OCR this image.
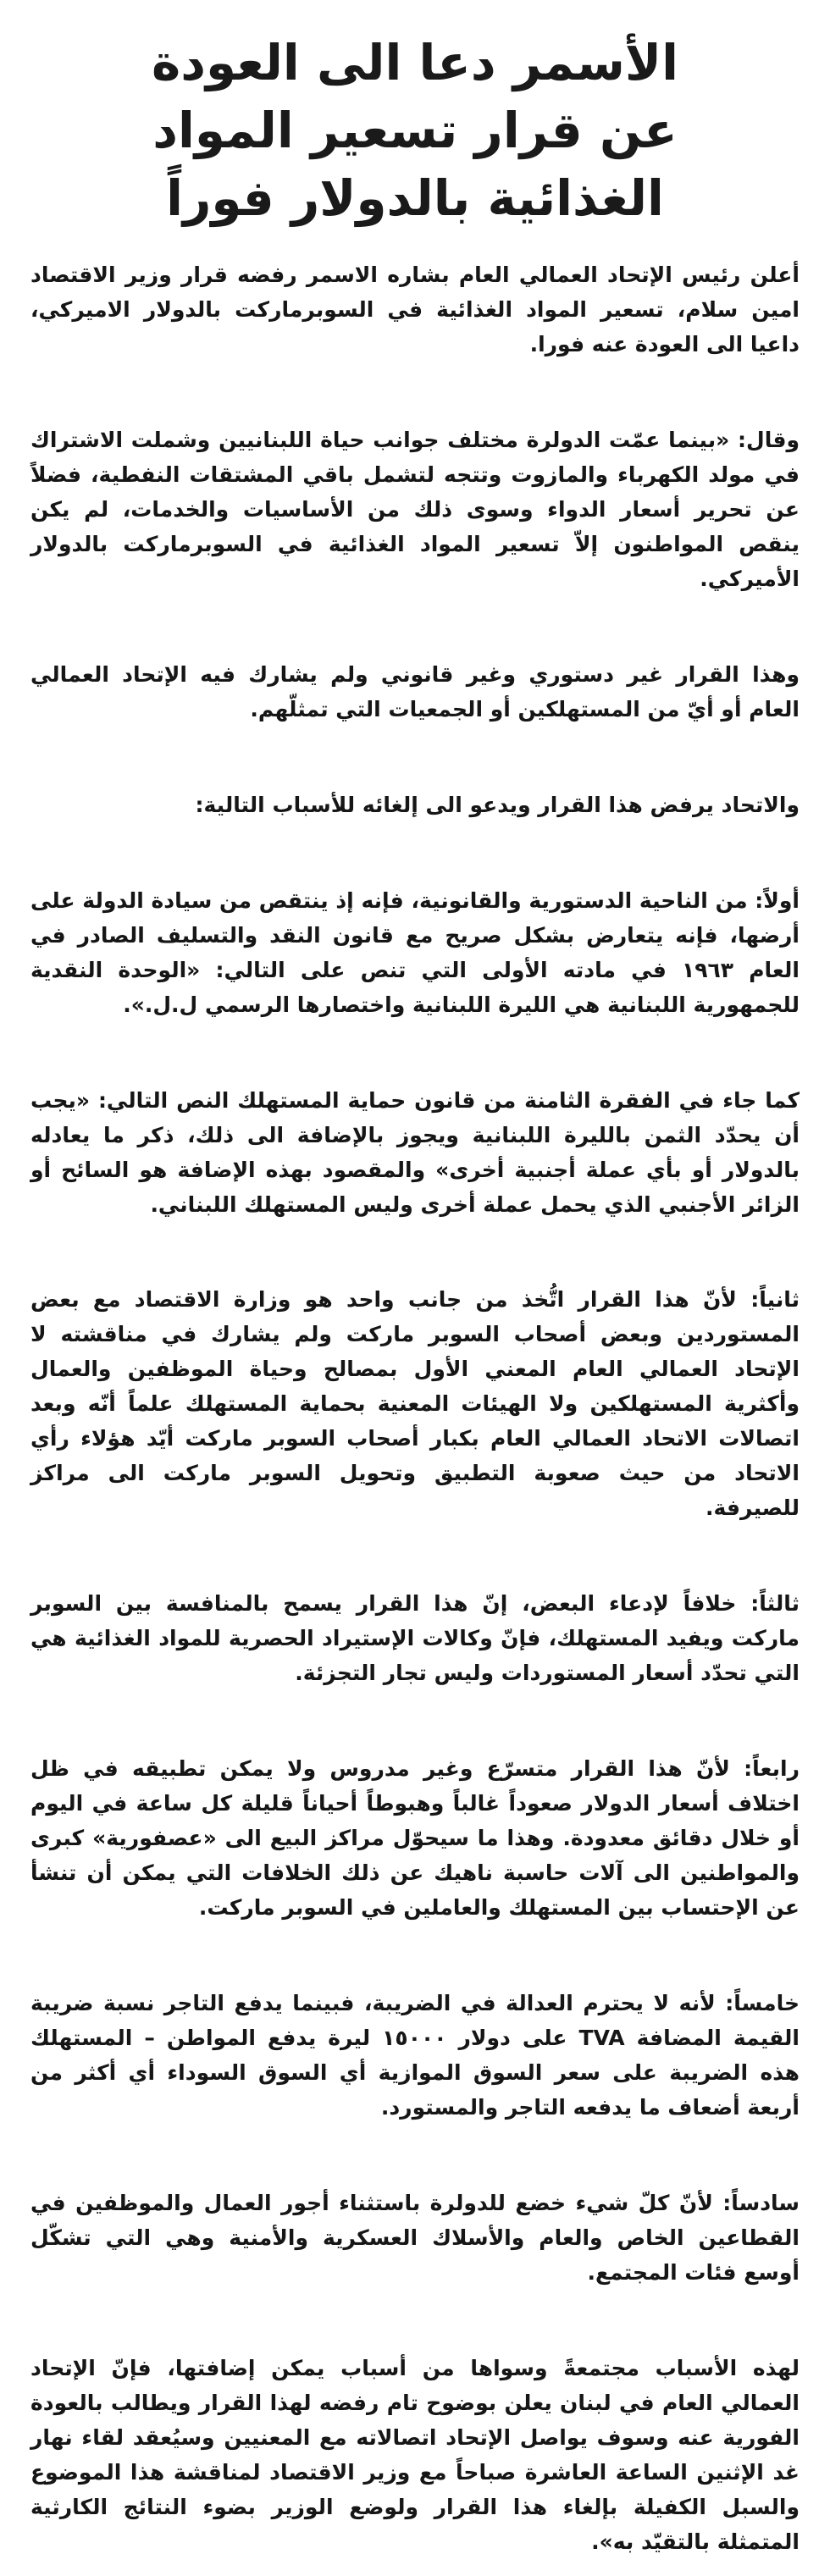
الأسمر دعا الى العودة
عن قرار تسعير المواد
الغذائية بالدولار فوراً

أعلن رئيس الإتحاد العمالي العام بشاره الاسمر رفضه قرار وزير الاقتصاد امين سلام، تسعير المواد الغذائية في السوبرماركت بالدولار الاميركي، داعيا الى العودة عنه فورا.

وقال: «بينما عمّت الدولرة مختلف جوانب حياة اللبنانيين وشملت الاشتراك في مولد الكهرباء والمازوت وتتجه لتشمل باقي المشتقات النفطية، فضلاً عن تحرير أسعار الدواء وسوى ذلك من الأساسيات والخدمات، لم يكن ينقص المواطنون إلاّ تسعير المواد الغذائية في السوبرماركت بالدولار الأميركي.

وهذا القرار غير دستوري وغير قانوني ولم يشارك فيه الإتحاد العمالي العام أو أيّ من المستهلكين أو الجمعيات التي تمثلّهم.

والاتحاد يرفض هذا القرار ويدعو الى إلغائه للأسباب التالية:

أولاً: من الناحية الدستورية والقانونية، فإنه إذ ينتقص من سيادة الدولة على أرضها، فإنه يتعارض بشكل صريح مع قانون النقد والتسليف الصادر في العام ١٩٦٣ في مادته الأولى التي تنص على التالي: «الوحدة النقدية للجمهورية اللبنانية هي الليرة اللبنانية واختصارها الرسمي ل.ل.».

كما جاء في الفقرة الثامنة من قانون حماية المستهلك النص التالي: «يجب أن يحدّد الثمن بالليرة اللبنانية ويجوز بالإضافة الى ذلك، ذكر ما يعادله بالدولار أو بأي عملة أجنبية أخرى» والمقصود بهذه الإضافة هو السائح أو الزائر الأجنبي الذي يحمل عملة أخرى وليس المستهلك اللبناني.

ثانياً: لأنّ هذا القرار اتُّخذ من جانب واحد هو وزارة الاقتصاد مع بعض المستوردين وبعض أصحاب السوبر ماركت ولم يشارك في مناقشته لا الإتحاد العمالي العام المعني الأول بمصالح وحياة الموظفين والعمال وأكثرية المستهلكين ولا الهيئات المعنية بحماية المستهلك علماً أنّه وبعد اتصالات الاتحاد العمالي العام بكبار أصحاب السوبر ماركت أيّد هؤلاء رأي الاتحاد من حيث صعوبة التطبيق وتحويل السوبر ماركت الى مراكز للصيرفة.

ثالثاً: خلافاً لإدعاء البعض، إنّ هذا القرار يسمح بالمنافسة بين السوبر ماركت ويفيد المستهلك، فإنّ وكالات الإستيراد الحصرية للمواد الغذائية هي التي تحدّد أسعار المستوردات وليس تجار التجزئة.

رابعاً: لأنّ هذا القرار متسرّع وغير مدروس ولا يمكن تطبيقه في ظل اختلاف أسعار الدولار صعوداً غالباً وهبوطاً أحياناً قليلة كل ساعة في اليوم أو خلال دقائق معدودة. وهذا ما سيحوّل مراكز البيع الى «عصفورية» كبرى والمواطنين الى آلات حاسبة ناهيك عن ذلك الخلافات التي يمكن أن تنشأ عن الإحتساب بين المستهلك والعاملين في السوبر ماركت.

خامساً: لأنه لا يحترم العدالة في الضريبة، فبينما يدفع التاجر نسبة ضريبة القيمة المضافة TVA على دولار ١٥٠٠٠ ليرة يدفع المواطن – المستهلك هذه الضريبة على سعر السوق الموازية أي السوق السوداء أي أكثر من أربعة أضعاف ما يدفعه التاجر والمستورد.

سادساً: لأنّ كلّ شيء خضع للدولرة باستثناء أجور العمال والموظفين في القطاعين الخاص والعام والأسلاك العسكرية والأمنية وهي التي تشكّل أوسع فئات المجتمع.

لهذه الأسباب مجتمعةً وسواها من أسباب يمكن إضافتها، فإنّ الإتحاد العمالي العام في لبنان يعلن بوضوح تام رفضه لهذا القرار ويطالب بالعودة الفورية عنه وسوف يواصل الإتحاد اتصالاته مع المعنيين وسيُعقد لقاء نهار غد الإثنين الساعة العاشرة صباحاً مع وزير الاقتصاد لمناقشة هذا الموضوع والسبل الكفيلة بإلغاء هذا القرار ولوضع الوزير بضوء النتائج الكارثية المتمثلة بالتقيّد به».
